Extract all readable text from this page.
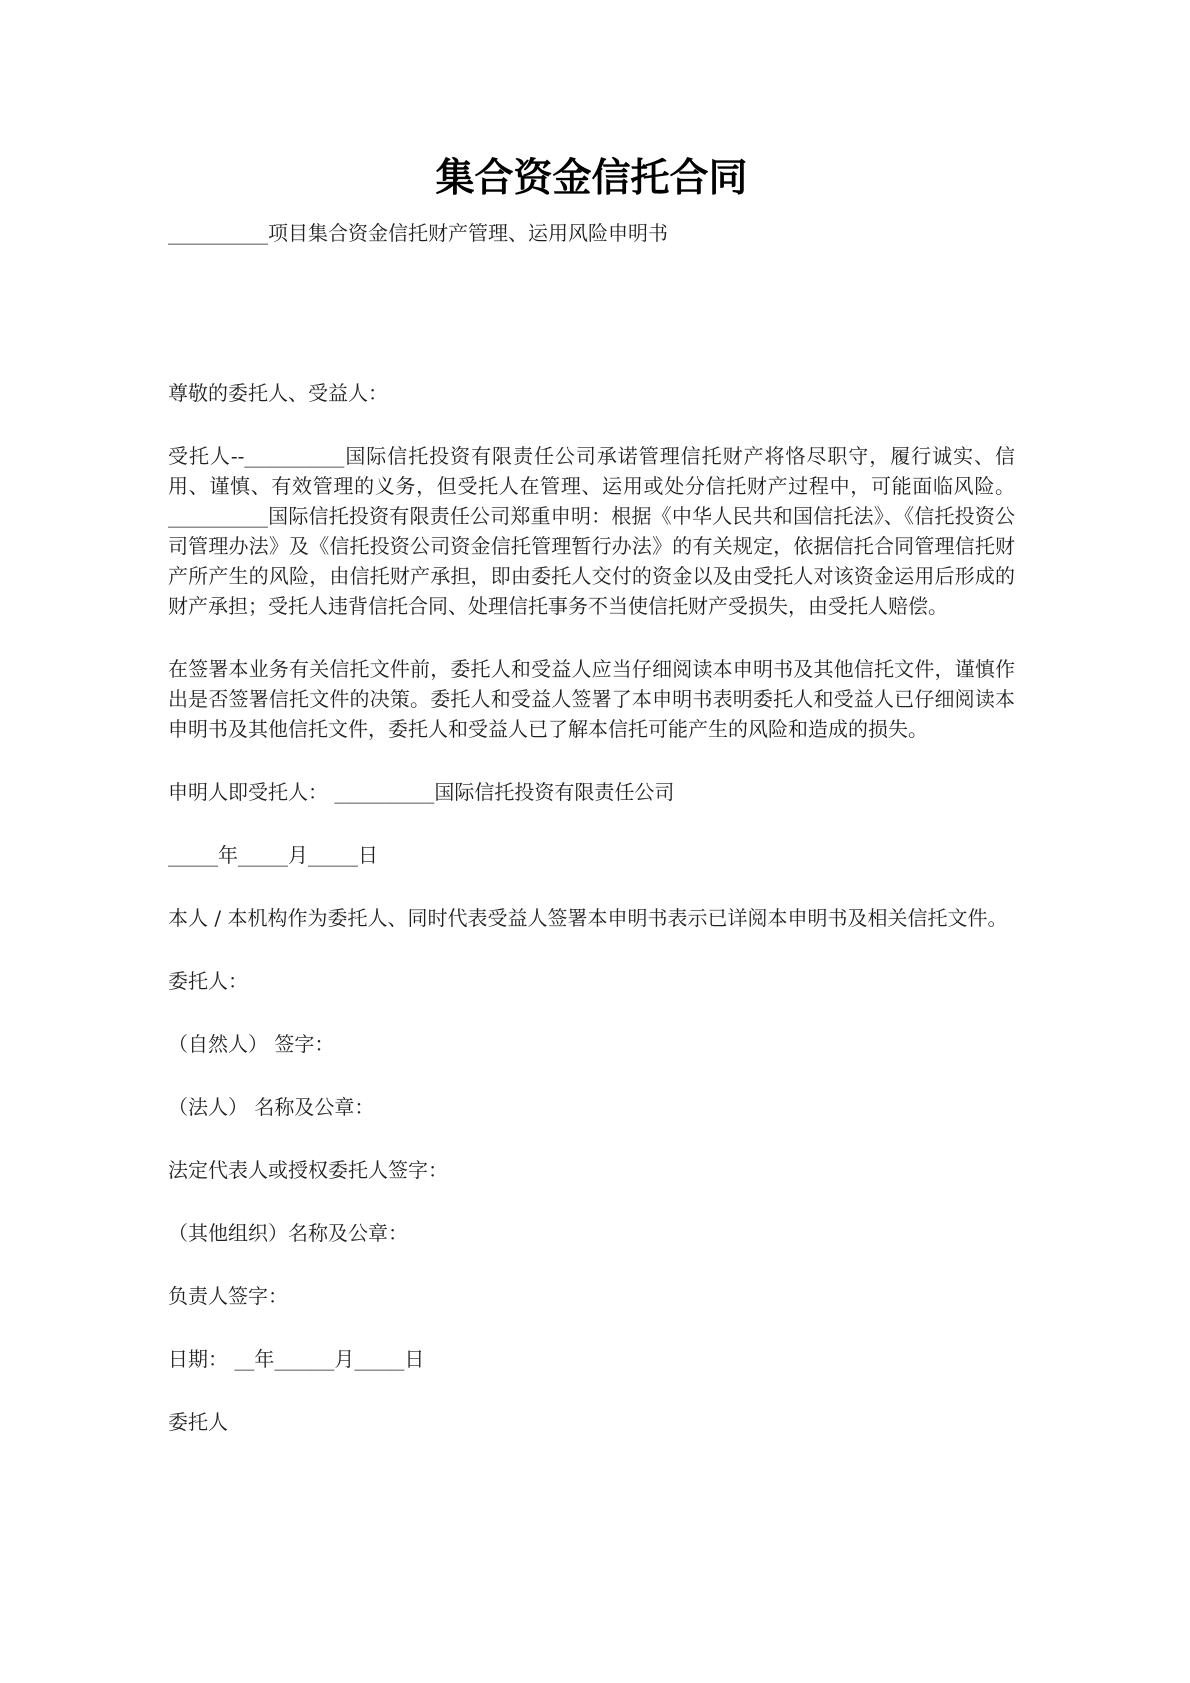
集合资金信托合同

__________项目集合资金信托财产管理、运用风险申明书

尊敬的委托人、受益人：

受托人--__________国际信托投资有限责任公司承诺管理信托财产将恪尽职守，履行诚实、信用、谨慎、有效管理的义务，但受托人在管理、运用或处分信托财产过程中，可能面临风险。__________国际信托投资有限责任公司郑重申明：根据《中华人民共和国信托法》、《信托投资公司管理办法》及《信托投资公司资金信托管理暂行办法》的有关规定，依据信托合同管理信托财产所产生的风险，由信托财产承担，即由委托人交付的资金以及由受托人对该资金运用后形成的财产承担；受托人违背信托合同、处理信托事务不当使信托财产受损失，由受托人赔偿。

在签署本业务有关信托文件前，委托人和受益人应当仔细阅读本申明书及其他信托文件，谨慎作出是否签署信托文件的决策。委托人和受益人签署了本申明书表明委托人和受益人已仔细阅读本申明书及其他信托文件，委托人和受益人已了解本信托可能产生的风险和造成的损失。

申明人即受托人： __________国际信托投资有限责任公司

_____年_____月_____日

本人 / 本机构作为委托人、同时代表受益人签署本申明书表示已详阅本申明书及相关信托文件。

委托人：

（自然人） 签字：

（法人） 名称及公章：

法定代表人或授权委托人签字：

（其他组织）名称及公章：

负责人签字：

日期： __年______月_____日

委托人
